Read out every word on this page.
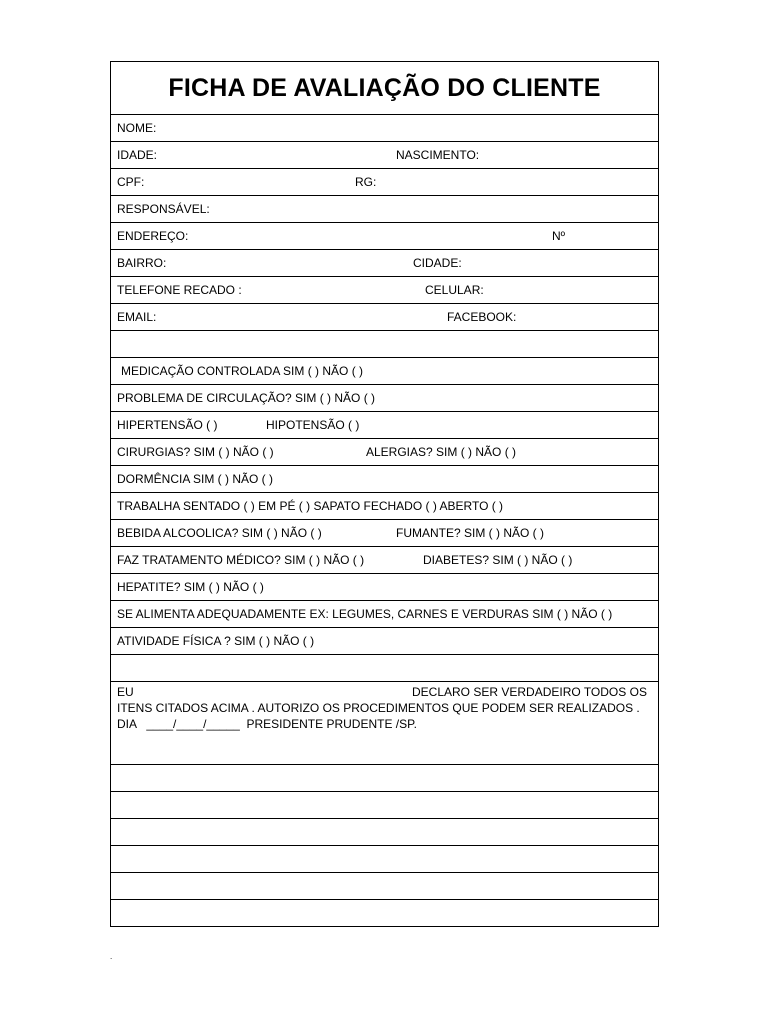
FICHA DE AVALIAÇÃO DO CLIENTE
NOME:
IDADE:	NASCIMENTO:
CPF:	RG:
RESPONSÁVEL:
ENDEREÇO:	Nº
BAIRRO:	CIDADE:
TELEFONE RECADO :	CELULAR:
EMAIL:	FACEBOOK:
MEDICAÇÃO CONTROLADA SIM ( ) NÃO ( )
PROBLEMA DE CIRCULAÇÃO? SIM ( ) NÃO ( )
HIPERTENSÃO ( )	HIPOTENSÃO ( )
CIRURGIAS? SIM ( ) NÃO ( )	ALERGIAS? SIM ( ) NÃO ( )
DORMÊNCIA SIM ( ) NÃO ( )
TRABALHA SENTADO ( ) EM PÉ ( ) SAPATO FECHADO ( ) ABERTO ( )
BEBIDA ALCOOLICA? SIM ( ) NÃO ( )	FUMANTE? SIM ( ) NÃO ( )
FAZ TRATAMENTO MÉDICO? SIM ( ) NÃO ( )	DIABETES? SIM ( ) NÃO ( )
HEPATITE? SIM ( ) NÃO ( )
SE ALIMENTA ADEQUADAMENTE EX: LEGUMES, CARNES E VERDURAS SIM ( ) NÃO ( )
ATIVIDADE FÍSICA ? SIM ( ) NÃO ( )
EU	DECLARO SER VERDADEIRO TODOS OS
ITENS CITADOS ACIMA . AUTORIZO OS PROCEDIMENTOS QUE PODEM SER REALIZADOS .
DIA   ____/____/_____  PRESIDENTE PRUDENTE /SP.
.
